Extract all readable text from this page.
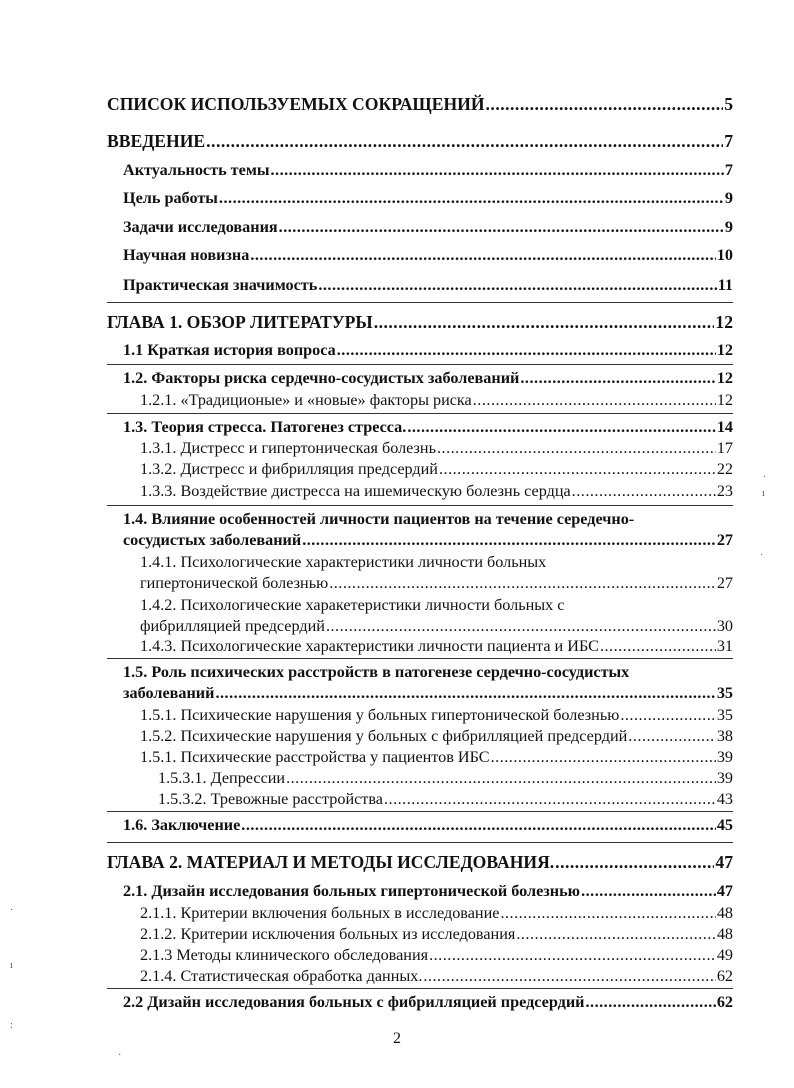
СПИСОК ИСПОЛЬЗУЕМЫХ СОКРАЩЕНИЙ .....	5
ВВЕДЕНИЕ .....	7
Актуальность темы .....	7
Цель работы .....	9
Задачи исследования .....	9
Научная новизна .....	10
Практическая значимость .....	11
ГЛАВА 1. ОБЗОР ЛИТЕРАТУРЫ .....	12
1.1 Краткая история вопроса .....	12
1.2. Факторы риска сердечно-сосудистых заболеваний .....	12
1.2.1. «Традиционые» и «новые» факторы риска .....	12
1.3. Теория стресса. Патогенез стресса. .....	14
1.3.1. Дистресс и гипертоническая болезнь .....	17
1.3.2. Дистресс и фибрилляция предсердий .....	22
1.3.3. Воздействие дистресса на ишемическую болезнь сердца .....	23
1.4. Влияние особенностей личности пациентов на течение середечно-
сосудистых заболеваний .....	27
1.4.1. Психологические характеристики личности больных
гипертонической болезнью .....	27
1.4.2. Психологические харакетеристики личности больных с
фибрилляцией предсердий .....	30
1.4.3. Психологические характеристики личности пациента и ИБС .....	31
1.5. Роль психических расстройств в патогенезе сердечно-сосудистых
заболеваний .....	35
1.5.1. Психические нарушения у больных гипертонической болезнью .....	35
1.5.2. Психические нарушения у больных с фибрилляцией предсердий .....	38
1.5.1. Психические расстройства у пациентов ИБС .....	39
1.5.3.1. Депрессии .....	39
1.5.3.2. Тревожные расстройства .....	43
1.6. Заключение .....	45
ГЛАВА 2. МАТЕРИАЛ И МЕТОДЫ ИССЛЕДОВАНИЯ. .....	47
2.1. Дизайн исследования больных гипертонической болезнью .....	47
2.1.1. Критерии включения больных в исследование .....	48
2.1.2. Критерии исключения больных из исследования .....	48
2.1.3 Методы клинического обследования .....	49
2.1.4. Статистическая обработка данных. .....	62
2.2 Дизайн исследования больных с фибрилляцией предсердий .....	62
2
·
ı
·
·
ı
:
·
